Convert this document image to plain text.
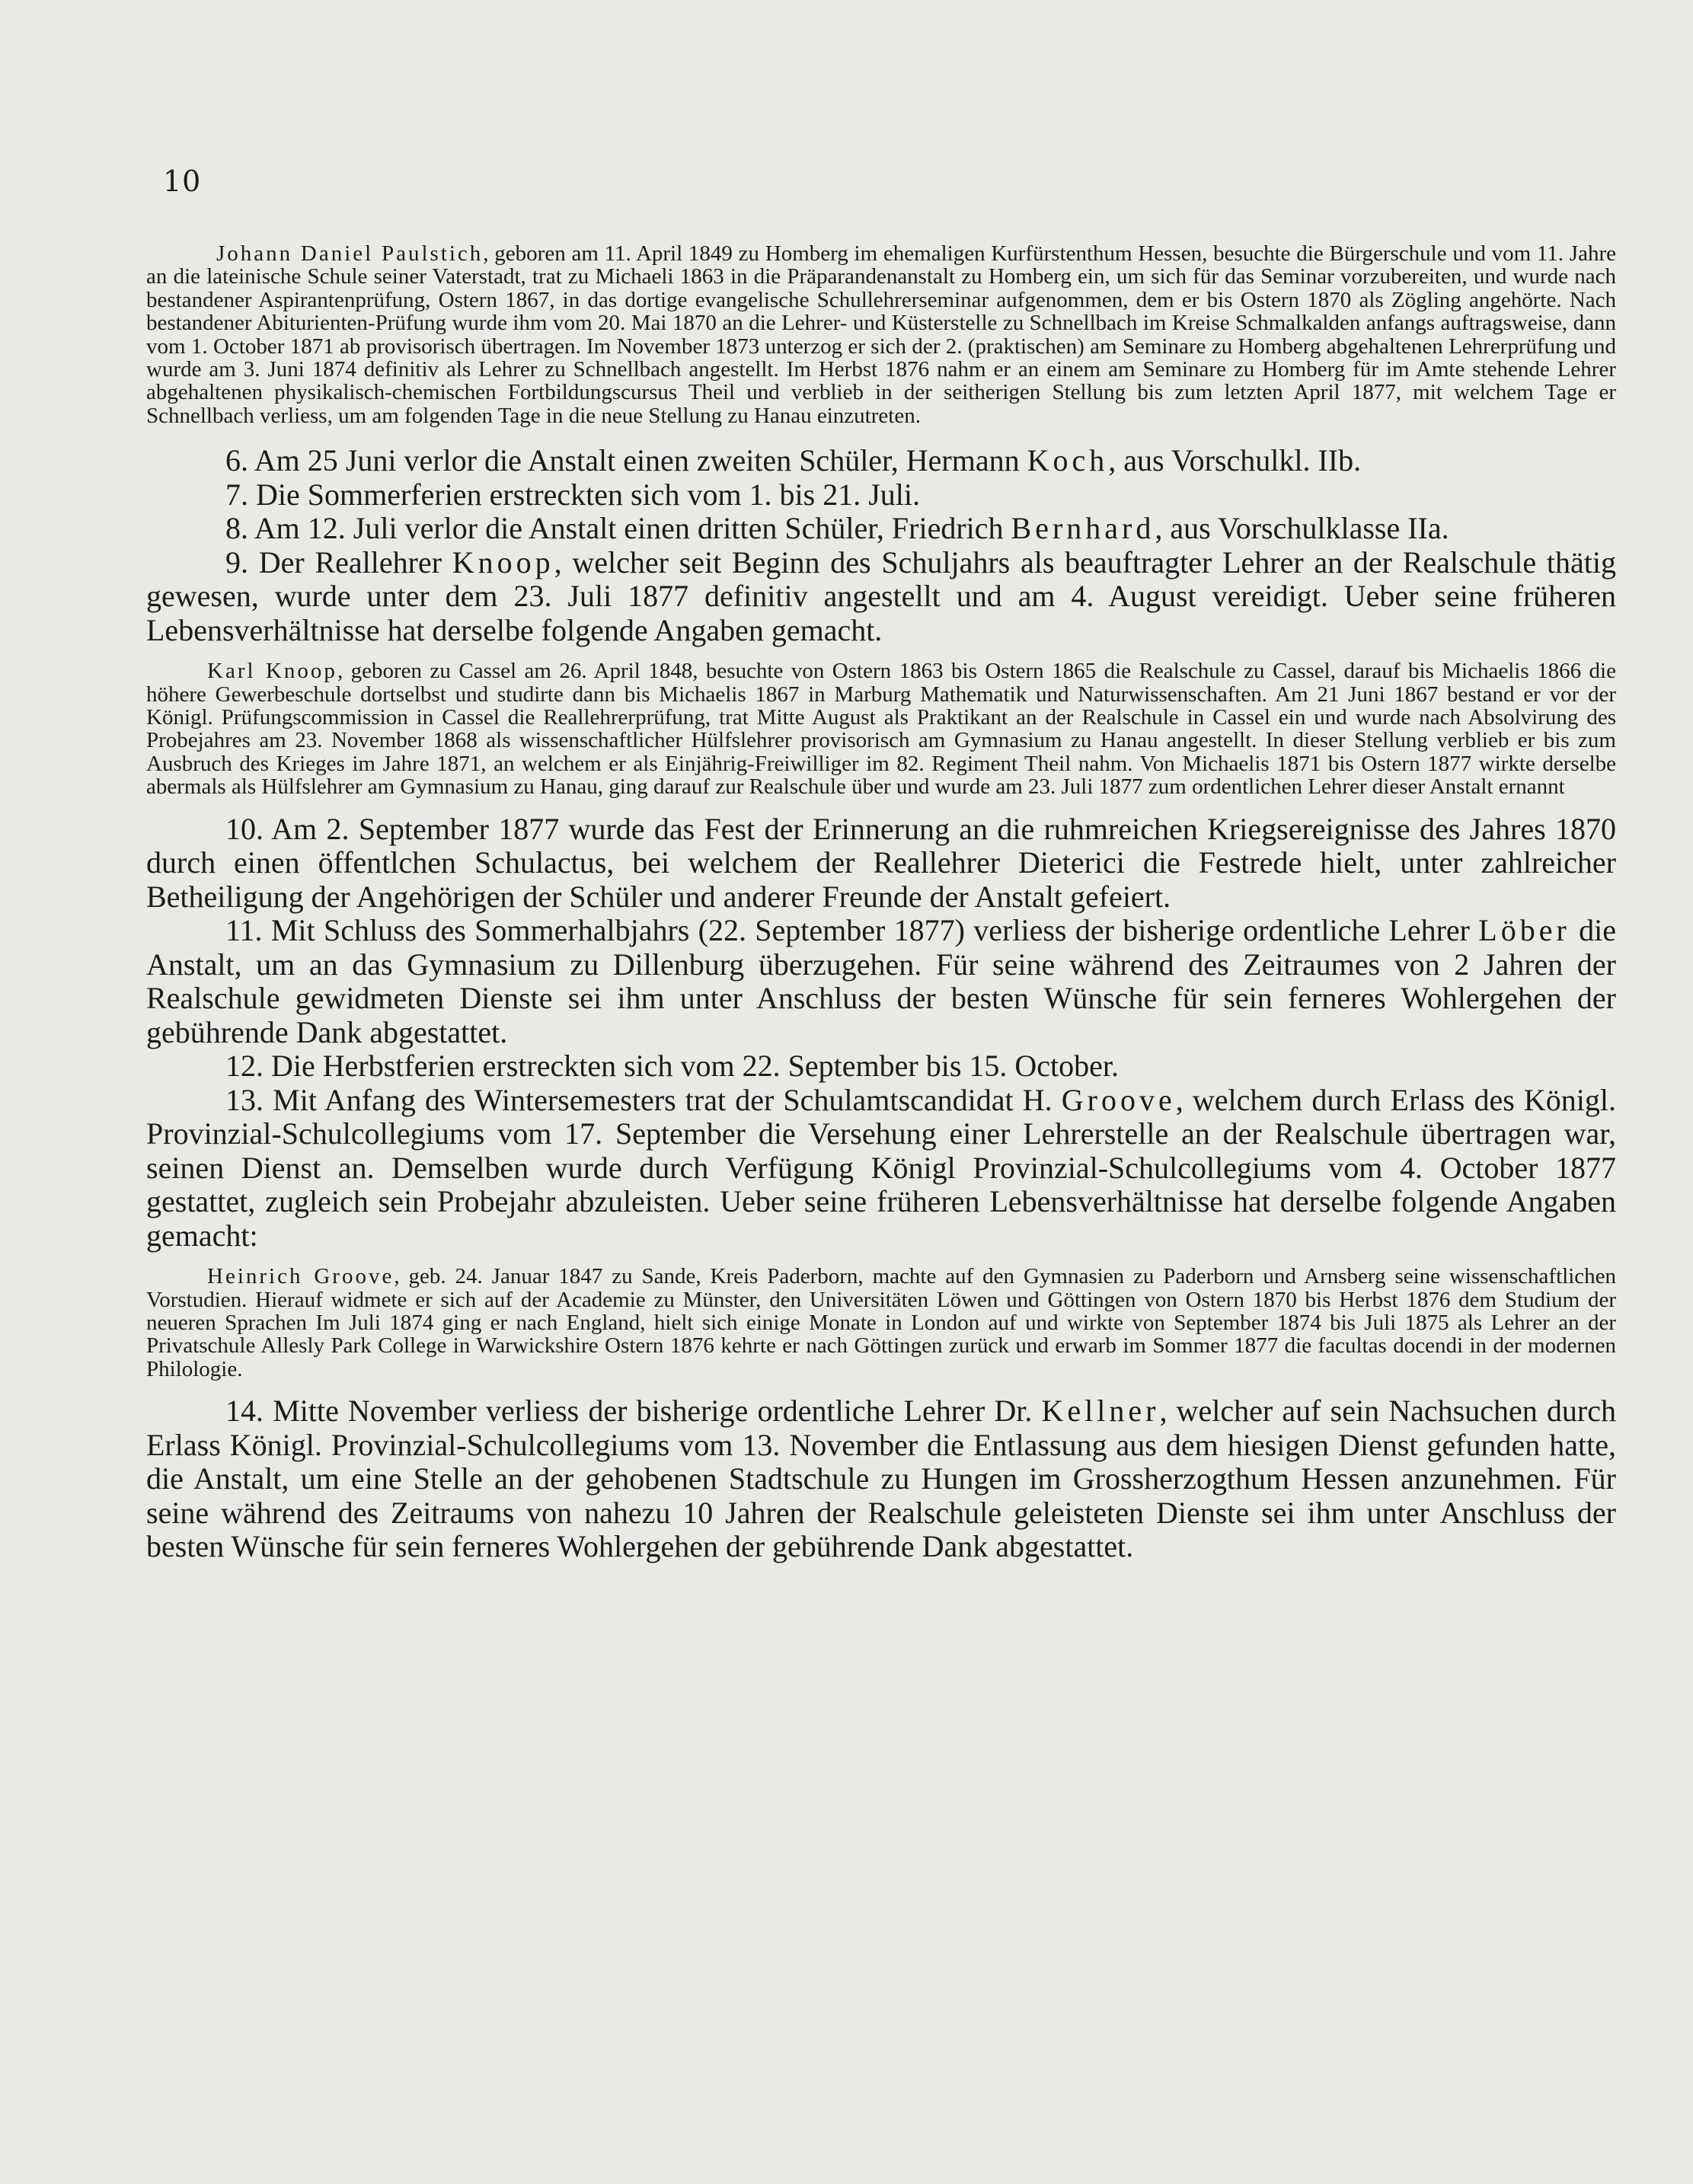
10

Johann Daniel Paulstich, geboren am 11. April 1849 zu Homberg im ehemaligen Kurfürstenthum Hessen, besuchte die Bürgerschule und vom 11. Jahre an die lateinische Schule seiner Vaterstadt, trat zu Michaeli 1863 in die Präparandenanstalt zu Homberg ein, um sich für das Seminar vorzubereiten, und wurde nach bestandener Aspirantenprüfung, Ostern 1867, in das dortige evangelische Schullehrerseminar aufgenommen, dem er bis Ostern 1870 als Zögling angehörte. Nach bestandener Abiturienten-Prüfung wurde ihm vom 20. Mai 1870 an die Lehrer- und Küsterstelle zu Schnellbach im Kreise Schmalkalden anfangs auftragsweise, dann vom 1. October 1871 ab provisorisch übertragen. Im November 1873 unterzog er sich der 2. (praktischen) am Seminare zu Homberg abgehaltenen Lehrerprüfung und wurde am 3. Juni 1874 definitiv als Lehrer zu Schnellbach angestellt. Im Herbst 1876 nahm er an einem am Seminare zu Homberg für im Amte stehende Lehrer abgehaltenen physikalisch-chemischen Fortbildungscursus Theil und verblieb in der seitherigen Stellung bis zum letzten April 1877, mit welchem Tage er Schnellbach verliess, um am folgenden Tage in die neue Stellung zu Hanau einzutreten.

6. Am 25 Juni verlor die Anstalt einen zweiten Schüler, Hermann Koch, aus Vorschulkl. IIb.

7. Die Sommerferien erstreckten sich vom 1. bis 21. Juli.

8. Am 12. Juli verlor die Anstalt einen dritten Schüler, Friedrich Bernhard, aus Vorschulklasse IIa.

9. Der Reallehrer Knoop, welcher seit Beginn des Schuljahrs als beauftragter Lehrer an der Realschule thätig gewesen, wurde unter dem 23. Juli 1877 definitiv angestellt und am 4. August vereidigt. Ueber seine früheren Lebensverhältnisse hat derselbe folgende Angaben gemacht.

Karl Knoop, geboren zu Cassel am 26. April 1848, besuchte von Ostern 1863 bis Ostern 1865 die Realschule zu Cassel, darauf bis Michaelis 1866 die höhere Gewerbeschule dortselbst und studirte dann bis Michaelis 1867 in Marburg Mathematik und Naturwissenschaften. Am 21 Juni 1867 bestand er vor der Königl. Prüfungscommission in Cassel die Reallehrerprüfung, trat Mitte August als Praktikant an der Realschule in Cassel ein und wurde nach Absolvirung des Probejahres am 23. November 1868 als wissenschaftlicher Hülfslehrer provisorisch am Gymnasium zu Hanau angestellt. In dieser Stellung verblieb er bis zum Ausbruch des Krieges im Jahre 1871, an welchem er als Einjährig-Freiwilliger im 82. Regiment Theil nahm. Von Michaelis 1871 bis Ostern 1877 wirkte derselbe abermals als Hülfslehrer am Gymnasium zu Hanau, ging darauf zur Realschule über und wurde am 23. Juli 1877 zum ordentlichen Lehrer dieser Anstalt ernannt

10. Am 2. September 1877 wurde das Fest der Erinnerung an die ruhmreichen Kriegsereignisse des Jahres 1870 durch einen öffentlchen Schulactus, bei welchem der Reallehrer Dieterici die Festrede hielt, unter zahlreicher Betheiligung der Angehörigen der Schüler und anderer Freunde der Anstalt gefeiert.

11. Mit Schluss des Sommerhalbjahrs (22. September 1877) verliess der bisherige ordentliche Lehrer Löber die Anstalt, um an das Gymnasium zu Dillenburg überzugehen. Für seine während des Zeitraumes von 2 Jahren der Realschule gewidmeten Dienste sei ihm unter Anschluss der besten Wünsche für sein ferneres Wohlergehen der gebührende Dank abgestattet.

12. Die Herbstferien erstreckten sich vom 22. September bis 15. October.

13. Mit Anfang des Wintersemesters trat der Schulamtscandidat H. Groove, welchem durch Erlass des Königl. Provinzial-Schulcollegiums vom 17. September die Versehung einer Lehrerstelle an der Realschule übertragen war, seinen Dienst an. Demselben wurde durch Verfügung Königl Provinzial-Schulcollegiums vom 4. October 1877 gestattet, zugleich sein Probejahr abzuleisten. Ueber seine früheren Lebensverhältnisse hat derselbe folgende Angaben gemacht:

Heinrich Groove, geb. 24. Januar 1847 zu Sande, Kreis Paderborn, machte auf den Gymnasien zu Paderborn und Arnsberg seine wissenschaftlichen Vorstudien. Hierauf widmete er sich auf der Academie zu Münster, den Universitäten Löwen und Göttingen von Ostern 1870 bis Herbst 1876 dem Studium der neueren Sprachen Im Juli 1874 ging er nach England, hielt sich einige Monate in London auf und wirkte von September 1874 bis Juli 1875 als Lehrer an der Privatschule Allesly Park College in Warwickshire Ostern 1876 kehrte er nach Göttingen zurück und erwarb im Sommer 1877 die facultas docendi in der modernen Philologie.

14. Mitte November verliess der bisherige ordentliche Lehrer Dr. Kellner, welcher auf sein Nachsuchen durch Erlass Königl. Provinzial-Schulcollegiums vom 13. November die Entlassung aus dem hiesigen Dienst gefunden hatte, die Anstalt, um eine Stelle an der gehobenen Stadtschule zu Hungen im Grossherzogthum Hessen anzunehmen. Für seine während des Zeitraums von nahezu 10 Jahren der Realschule geleisteten Dienste sei ihm unter Anschluss der besten Wünsche für sein ferneres Wohlergehen der gebührende Dank abgestattet.
